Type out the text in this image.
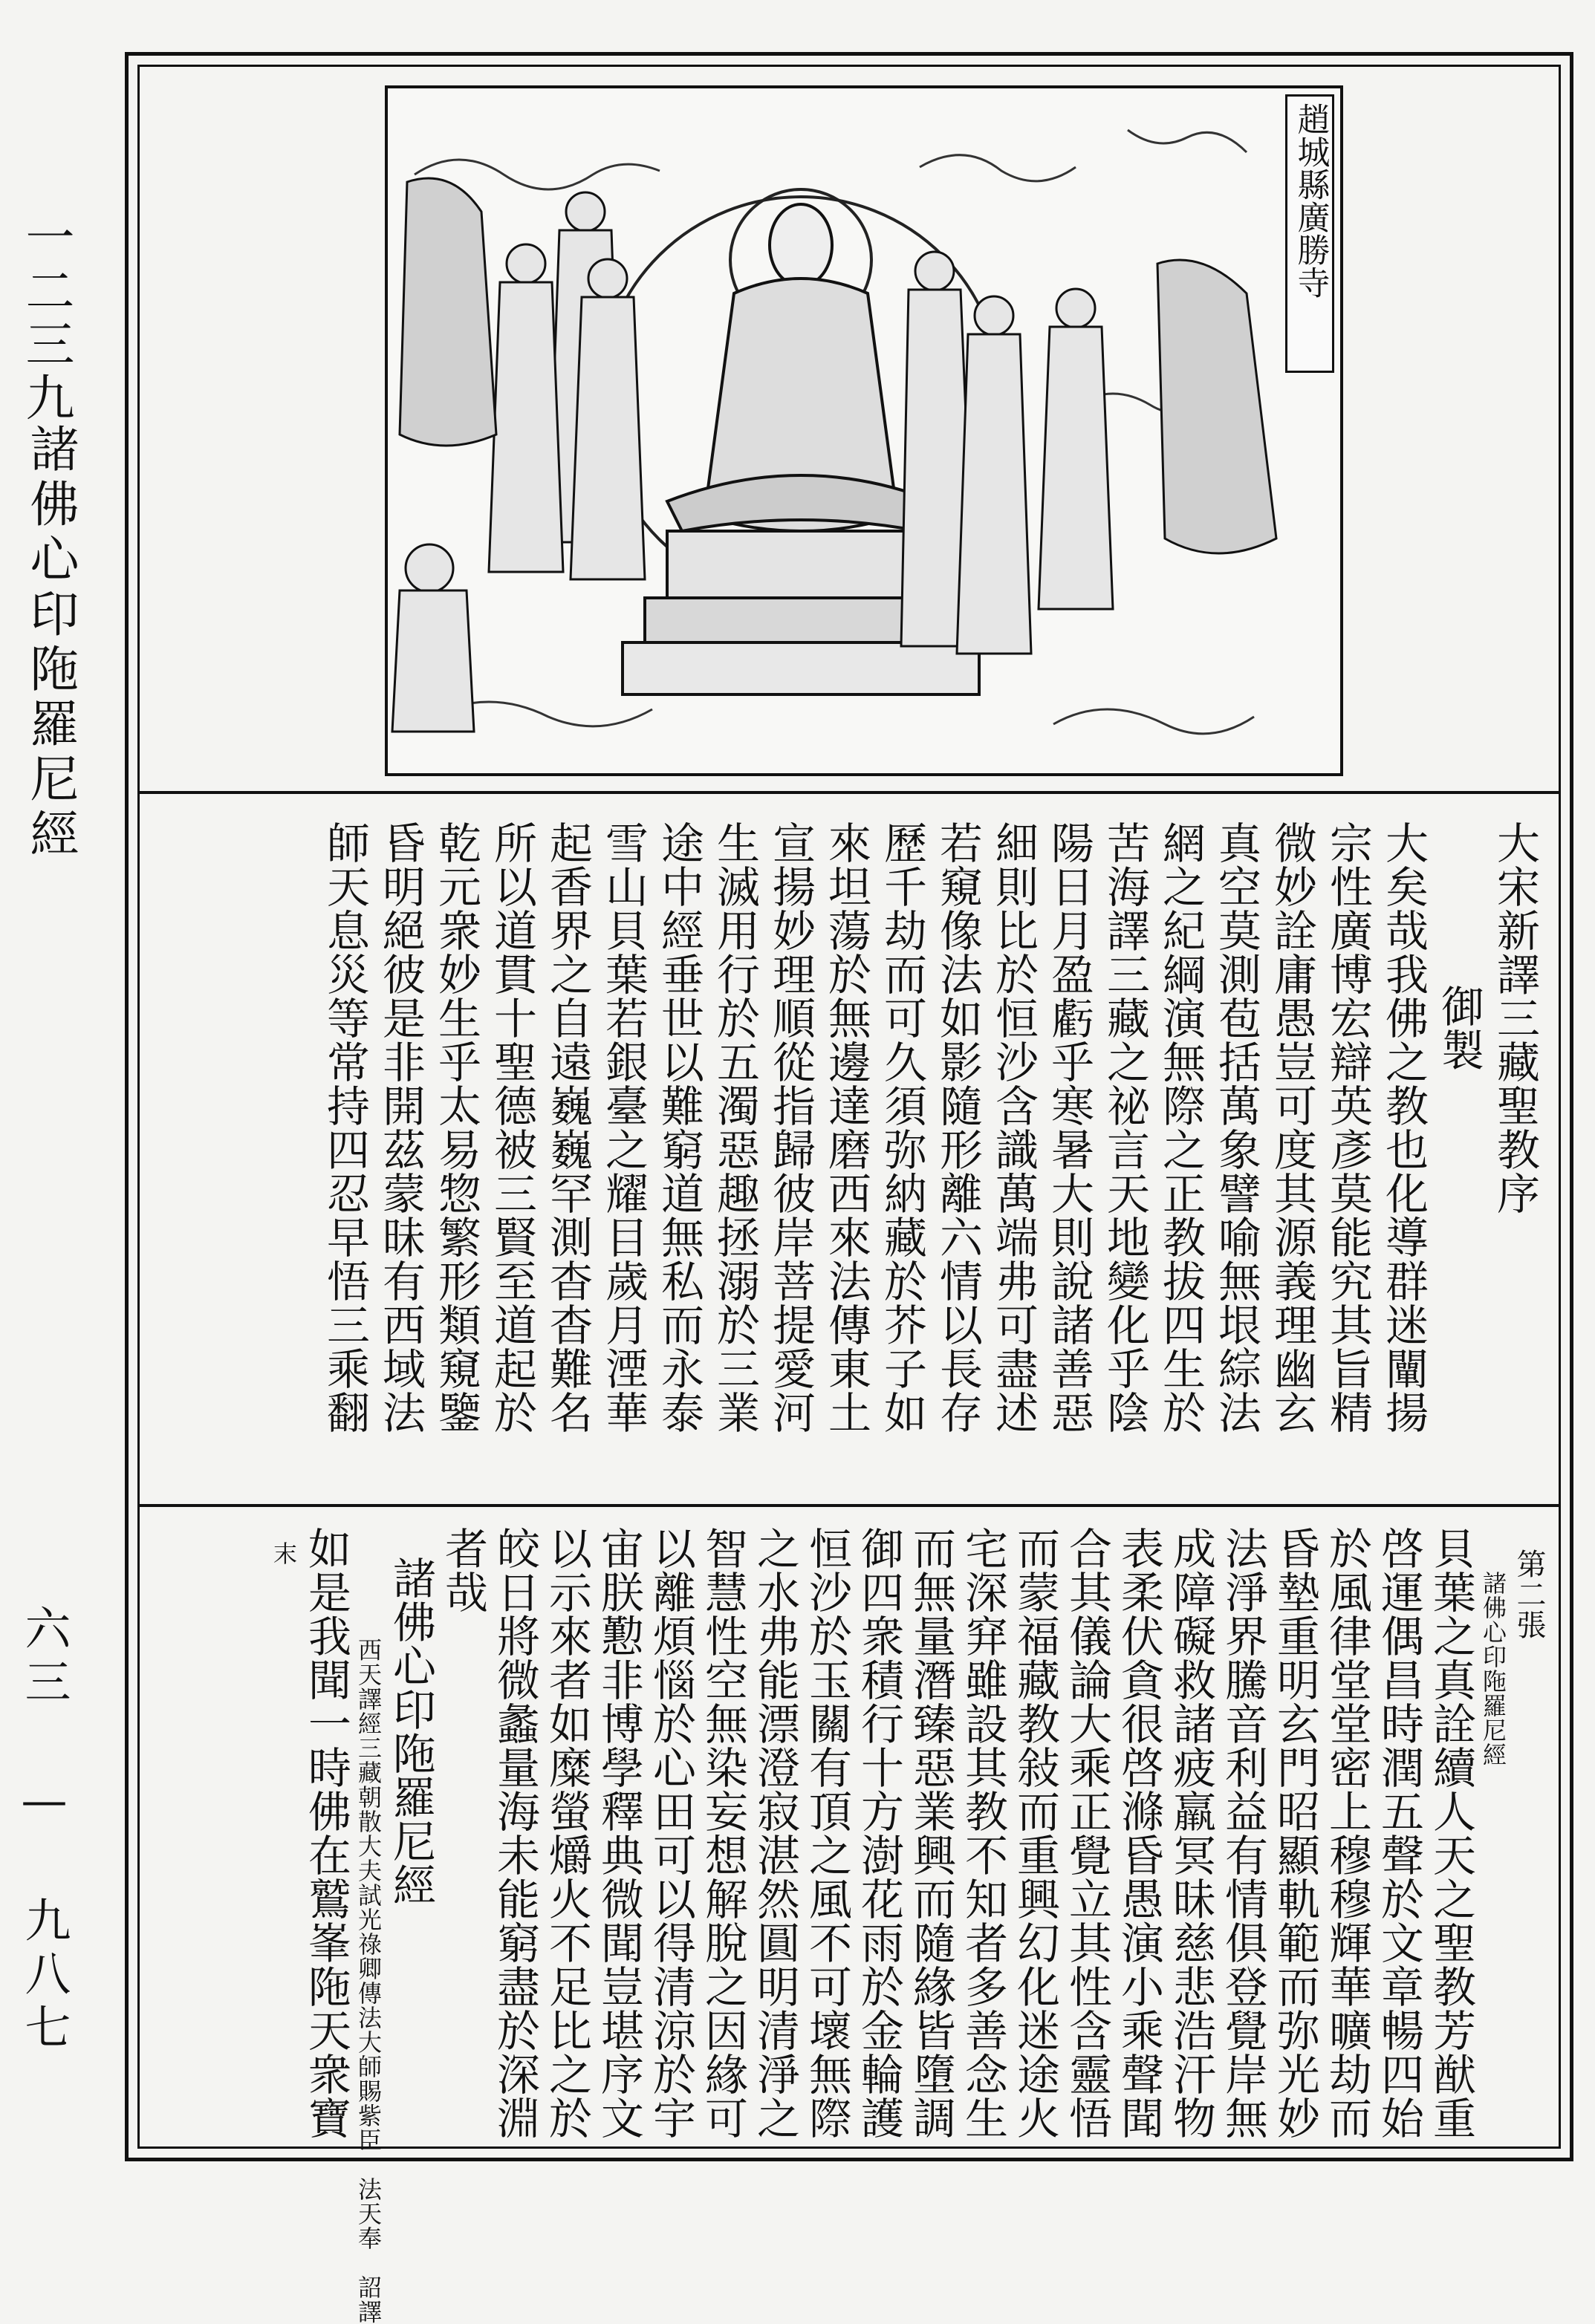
一二三九
諸佛心印陁羅尼經
六三 — 九八七
趙城縣廣勝寺
大宋新譯三藏聖教序
御製
大矣哉我佛之教也化導群迷闡揚
宗性廣博宏辯英彥莫能究其旨精
微妙詮庸愚豈可度其源義理幽玄
真空莫測苞括萬象譬喻無垠綜法
網之紀綱演無際之正教拔四生於
苦海譯三藏之祕言天地變化乎陰
陽日月盈虧乎寒暑大則說諸善惡
細則比於恒沙含識萬端弗可盡述
若窺像法如影隨形離六情以長存
歷千劫而可久須弥納藏於芥子如
來坦蕩於無邊達磨西來法傳東土
宣揚妙理順從指歸彼岸菩提愛河
生滅用行於五濁惡趣拯溺於三業
途中經垂世以難窮道無私而永泰
雪山貝葉若銀臺之耀目歲月湮華
起香界之自遠巍巍罕測杳杳難名
所以道貫十聖德被三賢至道起於
乾元衆妙生乎太易惣繁形類窺鑒
昏明絕彼是非開茲蒙昧有西域法
師天息災等常持四忍早悟三乘翻
第二張
諸佛心印陁羅尼經
貝葉之真詮續人天之聖教芳猷重
啓運偶昌時潤五聲於文章暢四始
於風律堂堂密上穆穆輝華曠劫而
昏墊重明玄門昭顯軌範而弥光妙
法淨界騰音利益有情俱登覺岸無
成障礙救諸疲羸冥昧慈悲浩汗物
表柔伏貪很啓滌昏愚演小乘聲聞
合其儀論大乘正覺立其性含靈悟
而蒙福藏教敍而重興幻化迷途火
宅深穽雖設其教不知者多善念生
而無量潛臻惡業興而隨緣皆墮調
御四衆積行十方澍花雨於金輪護
恒沙於玉關有頂之風不可壞無際
之水弗能漂澄寂湛然圓明清淨之
智慧性空無染妄想解脫之因緣可
以離煩惱於心田可以得清涼於宇
宙朕懃非博學釋典微聞豈堪序文
以示來者如糜螢爝火不足比之於
皎日將微蠡量海未能窮盡於深淵
者哉
諸佛心印陁羅尼經
西天譯經三藏朝散大夫試光祿卿傳法大師賜紫臣　法天奉　詔譯
如是我聞一時佛在鷲峯陁天衆寶
末
